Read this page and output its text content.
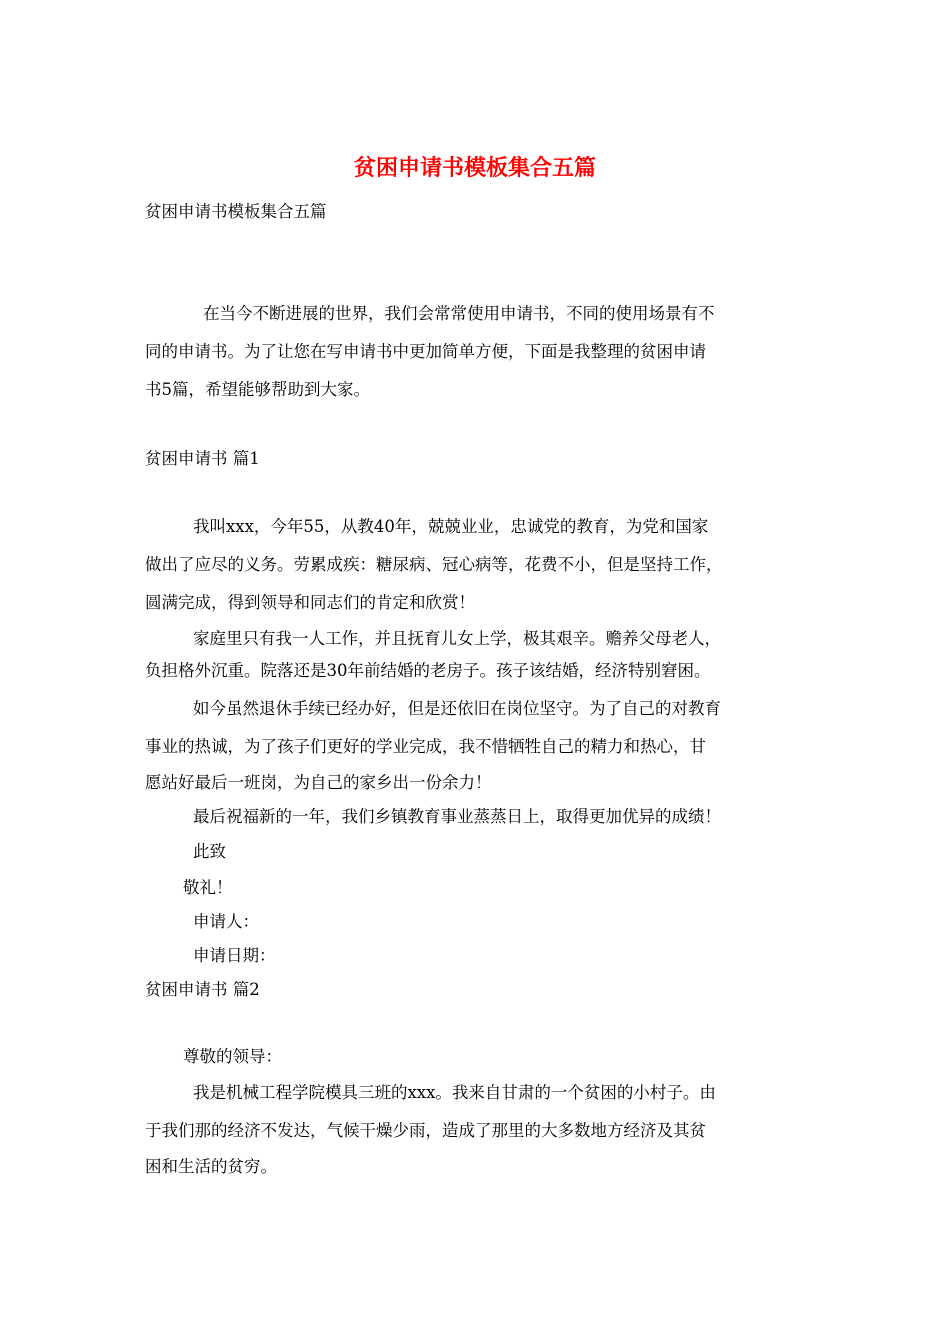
贫困申请书模板集合五篇
贫困申请书模板集合五篇
在当今不断进展的世界，我们会常常使用申请书，不同的使用场景有不
同的申请书。为了让您在写申请书中更加简单方便，下面是我整理的贫困申请
书5篇，希望能够帮助到大家。
贫困申请书 篇1
我叫xxx，今年55，从教40年，兢兢业业，忠诚党的教育，为党和国家
做出了应尽的义务。劳累成疾：糖尿病、冠心病等，花费不小，但是坚持工作，
圆满完成，得到领导和同志们的肯定和欣赏！
家庭里只有我一人工作，并且抚育儿女上学，极其艰辛。赡养父母老人，
负担格外沉重。院落还是30年前结婚的老房子。孩子该结婚，经济特别窘困。
如今虽然退休手续已经办好，但是还依旧在岗位坚守。为了自己的对教育
事业的热诚，为了孩子们更好的学业完成，我不惜牺牲自己的精力和热心，甘
愿站好最后一班岗，为自己的家乡出一份余力！
最后祝福新的一年，我们乡镇教育事业蒸蒸日上，取得更加优异的成绩！
此致
敬礼！
申请人：
申请日期：
贫困申请书 篇2
尊敬的领导：
我是机械工程学院模具三班的xxx。我来自甘肃的一个贫困的小村子。由
于我们那的经济不发达，气候干燥少雨，造成了那里的大多数地方经济及其贫
困和生活的贫穷。
